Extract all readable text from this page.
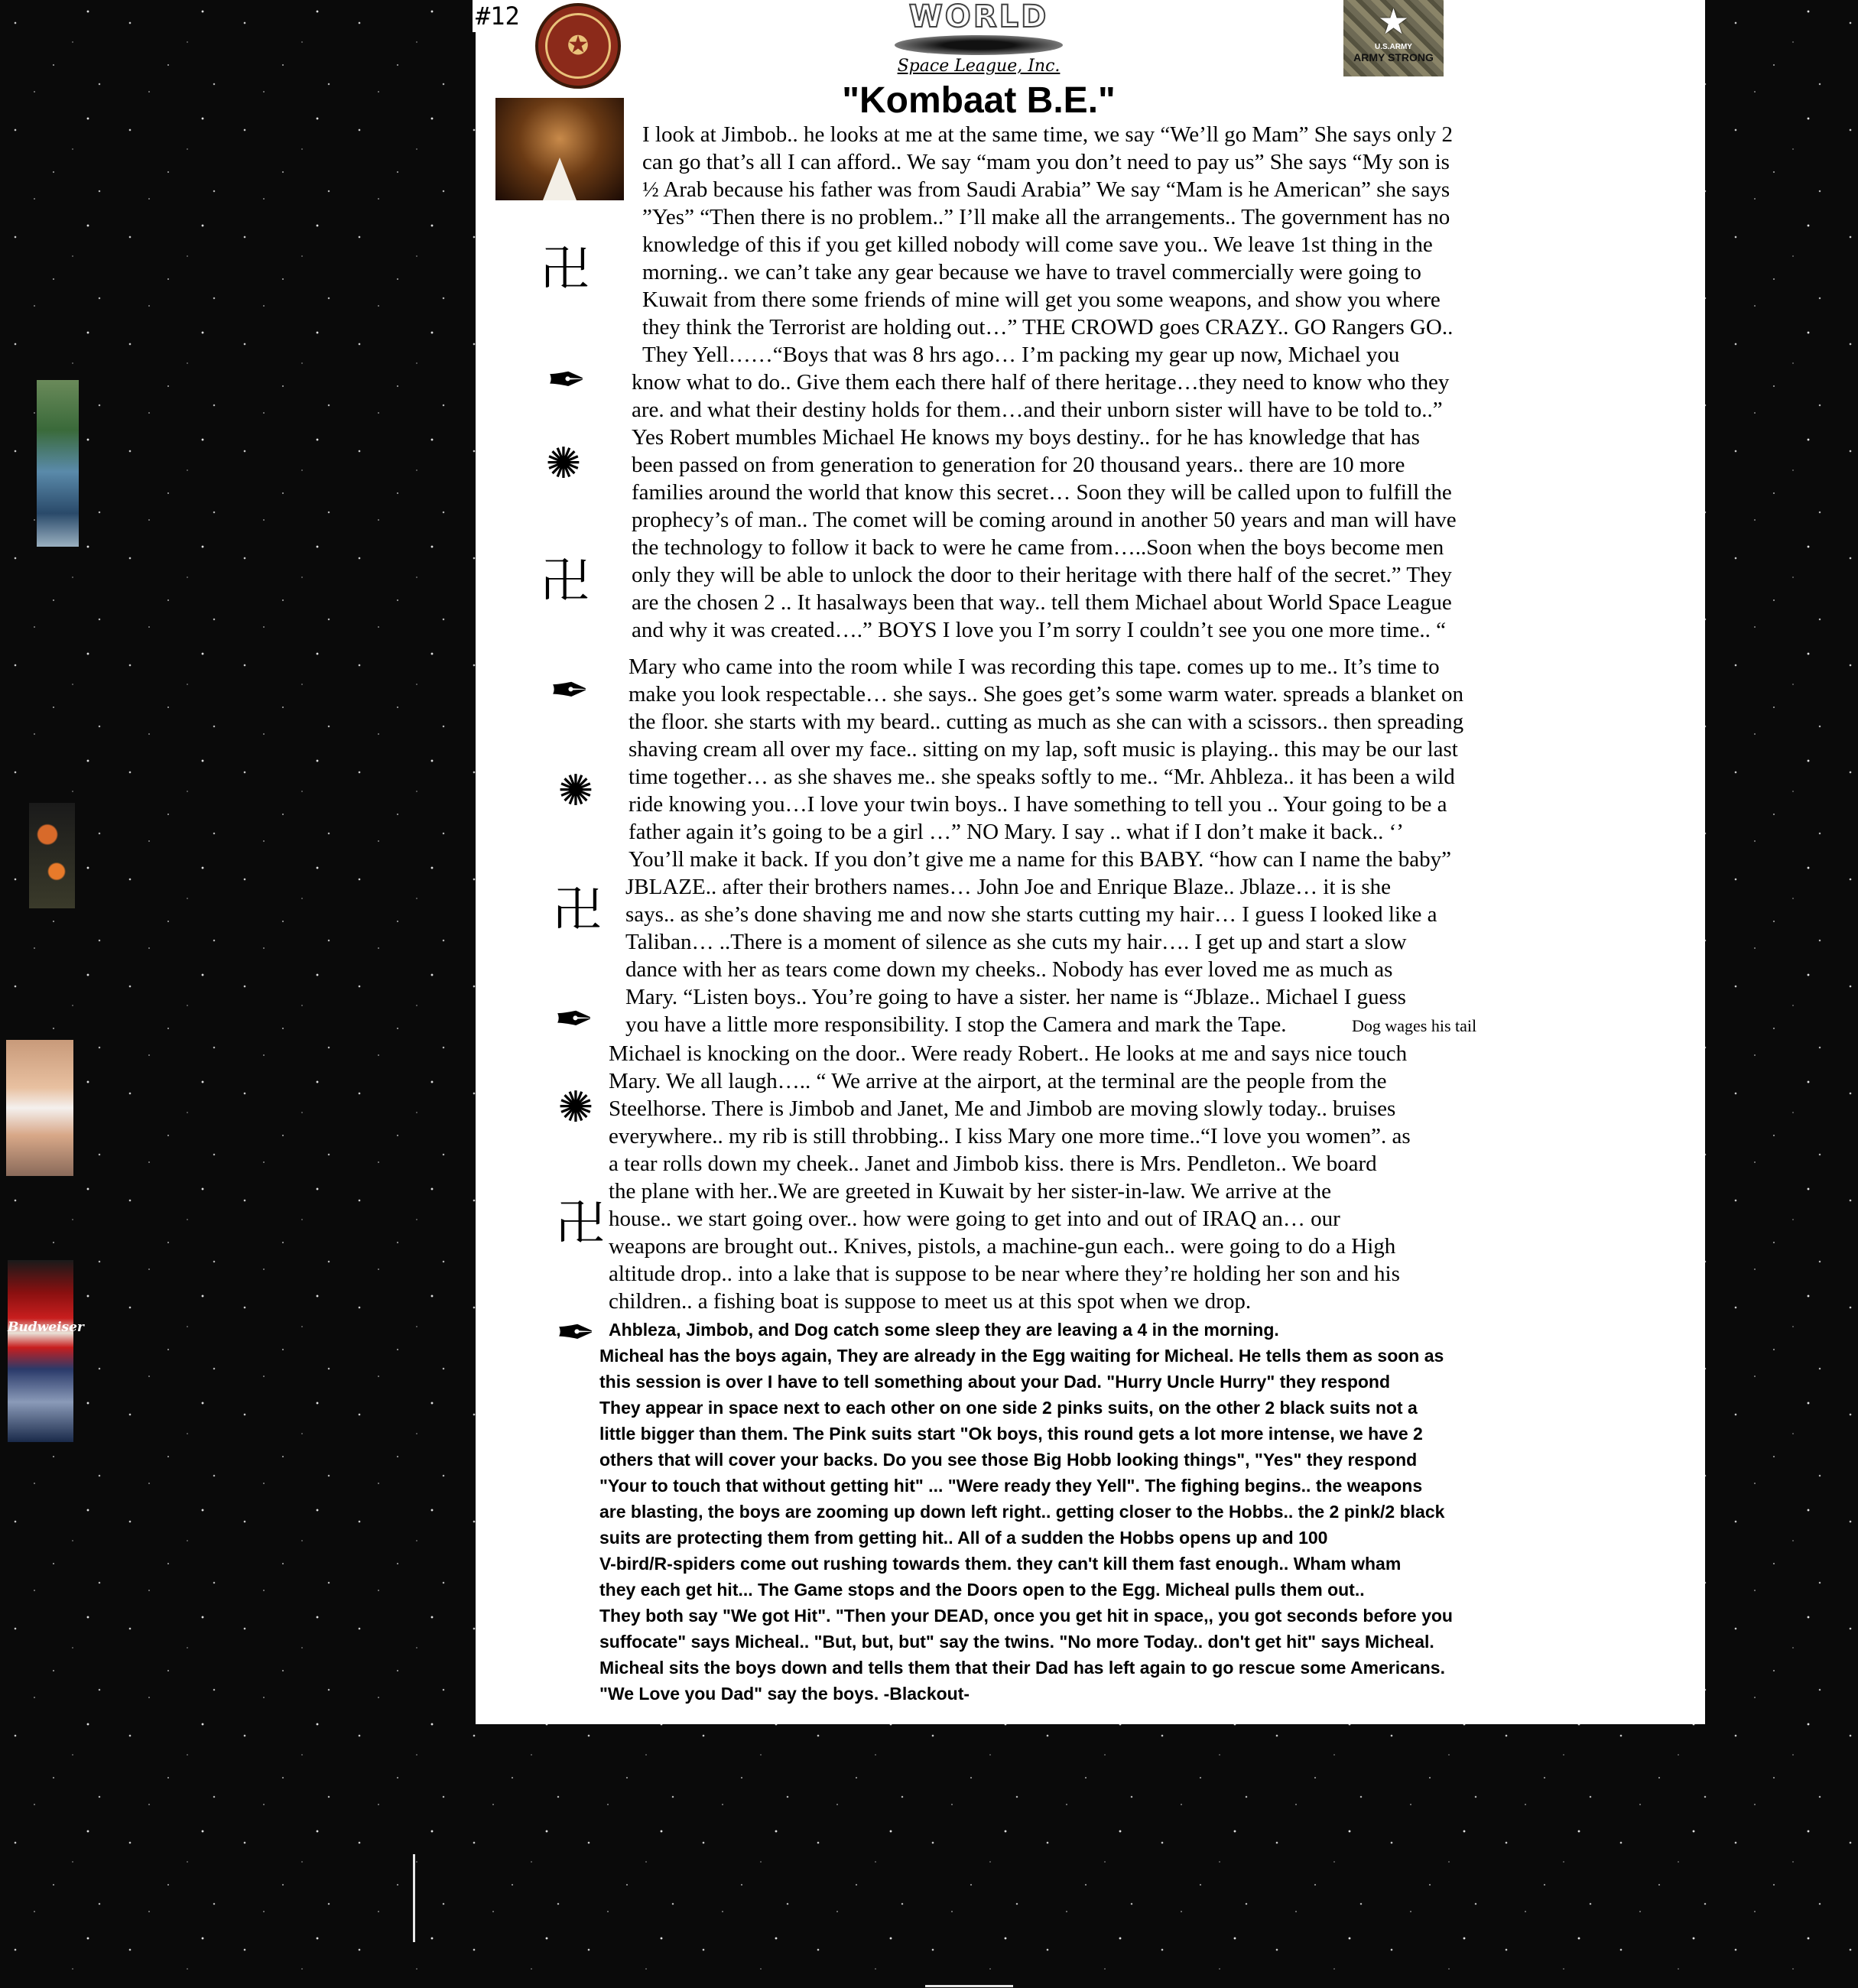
#12
✪
WORLD
Space League, Inc.
★
U.S.ARMY
ARMY STRONG
"Kombaat B.E."
卍
✒
✺
卍
✒
✺
卍
✒
✺
卍
✒
I look at Jimbob.. he looks at me at the same time, we say “We’ll go Mam” She says only 2
can go that’s all I can afford.. We say “mam you don’t need to pay us” She says “My son is
½ Arab because his father was from Saudi Arabia” We say “Mam is he American” she says
”Yes” “Then there is no problem..” I’ll make all the arrangements.. The government has no
knowledge of this if you get killed nobody will come save you.. We leave 1st thing in the
morning.. we can’t take any gear because we have to travel commercially were going to
Kuwait from there some friends of mine will get you some weapons, and show you where
they think the Terrorist are holding out…” THE CROWD goes CRAZY.. GO Rangers GO..
They Yell……“Boys that was 8 hrs ago… I’m packing my gear up now, Michael you
know what to do.. Give them each there half of there heritage…they need to know who they
are. and what their destiny holds for them…and their unborn sister will have to be told to..”
Yes Robert mumbles Michael He knows my boys destiny.. for he has knowledge that has
been passed on from generation to generation for 20 thousand years.. there are 10 more
families around the world that know this secret… Soon they will be called upon to fulfill the
prophecy’s of man.. The comet will be coming around in another 50 years and man will have
the technology to follow it back to were he came from…..Soon when the boys become men
only they will be able to unlock the door to their heritage with there half of the secret.” They
are the chosen 2 .. It hasalways been that way.. tell them Michael about World Space League
and why it was created….” BOYS I love you I’m sorry I couldn’t see you one more time.. “
Mary who came into the room while I was recording this tape. comes up to me.. It’s time to
make you look respectable… she says.. She goes get’s some warm water. spreads a blanket on
the floor. she starts with my beard.. cutting as much as she can with a scissors.. then spreading
shaving cream all over my face.. sitting on my lap, soft music is playing.. this may be our last
time together… as she shaves me.. she speaks softly to me.. “Mr. Ahbleza.. it has been a wild
ride knowing you…I love your twin boys.. I have something to tell you .. Your going to be a
father again it’s going to be a girl …” NO Mary. I say .. what if I don’t make it back.. ‘’
You’ll make it back. If you don’t give me a name for this BABY. “how can I name the baby”
JBLAZE.. after their brothers names… John Joe and Enrique Blaze.. Jblaze… it is she
says.. as she’s done shaving me and now she starts cutting my hair… I guess I looked like a
Taliban… ..There is a moment of silence as she cuts my hair…. I get up and start a slow
dance with her as tears come down my cheeks.. Nobody has ever loved me as much as
Mary. “Listen boys.. You’re going to have a sister. her name is “Jblaze.. Michael I guess
you have a little more responsibility. I stop the Camera and mark the Tape.	Dog wages his tail
Michael is knocking on the door.. Were ready Robert.. He looks at me and says nice touch
Mary. We all laugh….. “ We arrive at the airport, at the terminal are the people from the
Steelhorse. There is Jimbob and Janet, Me and Jimbob are moving slowly today.. bruises
everywhere.. my rib is still throbbing.. I kiss Mary one more time..“I love you women”. as
a tear rolls down my cheek.. Janet and Jimbob kiss. there is Mrs. Pendleton.. We board
the plane with her..We are greeted in Kuwait by her sister-in-law. We arrive at the
house.. we start going over.. how were going to get into and out of IRAQ an… our
weapons are brought out.. Knives, pistols, a machine-gun each.. were going to do a High
altitude drop.. into a lake that is suppose to be near where they’re holding her son and his
children.. a fishing boat is suppose to meet us at this spot when we drop.
Ahbleza, Jimbob, and Dog catch some sleep they are leaving a 4 in the morning.
Micheal has the boys again, They are already in the Egg waiting for Micheal. He tells them as soon as
this session is over I have to tell something about your Dad. "Hurry Uncle Hurry" they respond
They appear in space next to each other on one side 2 pinks suits, on the other 2 black suits not a
little bigger than them. The Pink suits start "Ok boys, this round gets a lot more intense, we have 2
others that will cover your backs. Do you see those Big Hobb looking things", "Yes" they respond
"Your to touch that without getting hit" ... "Were ready they Yell". The fighing begins.. the weapons
are blasting, the boys are zooming up down left right.. getting closer to the Hobbs.. the 2 pink/2 black
suits are protecting them from getting hit.. All of a sudden the Hobbs opens up and 100
V-bird/R-spiders come out rushing towards them. they can't kill them fast enough.. Wham wham
they each get hit... The Game stops and the Doors open to the Egg. Micheal pulls them out..
They both say "We got Hit". "Then your DEAD, once you get hit in space,, you got seconds before you
suffocate" says Micheal.. "But, but, but" say the twins. "No more Today.. don't get hit" says Micheal.
Micheal sits the boys down and tells them that their Dad has left again to go rescue some Americans.
"We Love you Dad" say the boys. -Blackout-
Budweiser
